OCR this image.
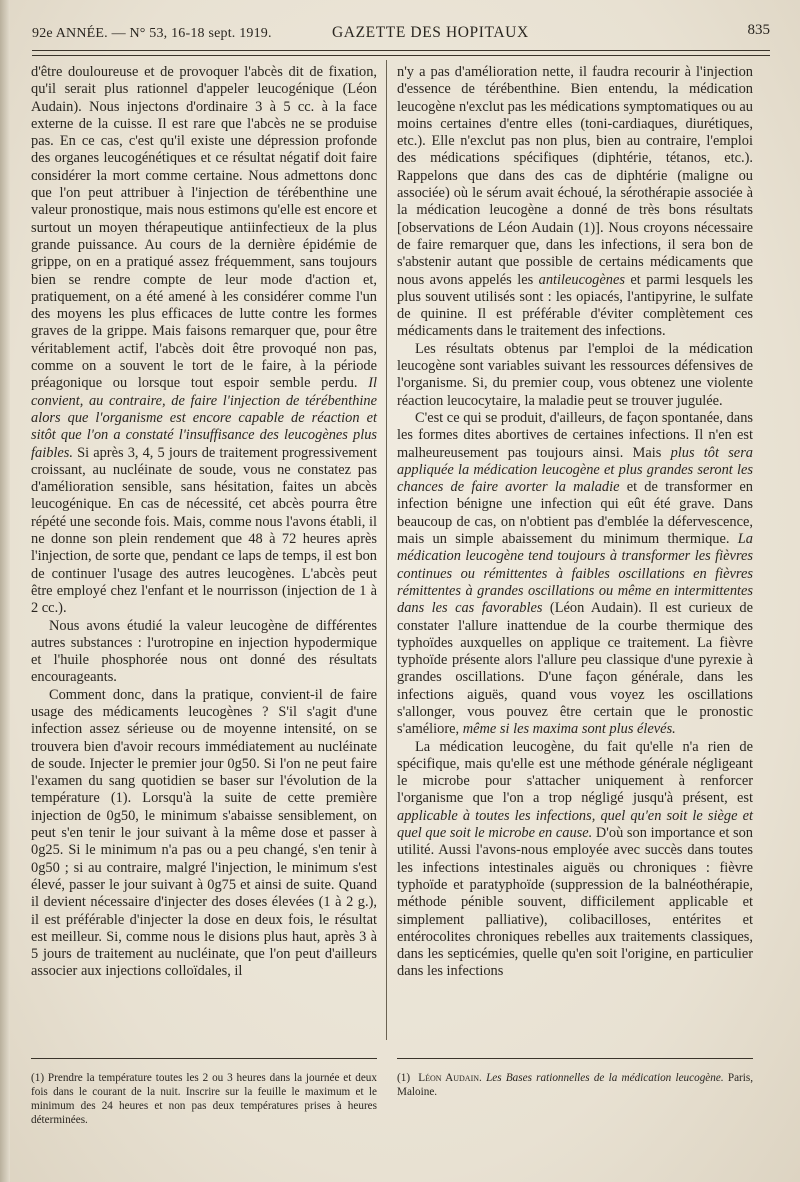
92e ANNÉE. — N° 53, 16-18 sept. 1919.	GAZETTE DES HOPITAUX	835

d'être douloureuse et de provoquer l'abcès dit de fixation, qu'il serait plus rationnel d'appeler leucogénique (Léon Audain). Nous injectons d'ordinaire 3 à 5 cc. à la face externe de la cuisse. Il est rare que l'abcès ne se produise pas. En ce cas, c'est qu'il existe une dépression profonde des organes leucogénétiques et ce résultat négatif doit faire considérer la mort comme certaine. Nous admettons donc que l'on peut attribuer à l'injection de térébenthine une valeur pronostique, mais nous estimons qu'elle est encore et surtout un moyen thérapeutique antiinfectieux de la plus grande puissance. Au cours de la dernière épidémie de grippe, on en a pratiqué assez fréquemment, sans toujours bien se rendre compte de leur mode d'action et, pratiquement, on a été amené à les considérer comme l'un des moyens les plus efficaces de lutte contre les formes graves de la grippe. Mais faisons remarquer que, pour être véritablement actif, l'abcès doit être provoqué non pas, comme on a souvent le tort de le faire, à la période préagonique ou lorsque tout espoir semble perdu. Il convient, au contraire, de faire l'injection de térébenthine alors que l'organisme est encore capable de réaction et sitôt que l'on a constaté l'insuffisance des leucogènes plus faibles. Si après 3, 4, 5 jours de traitement progressivement croissant, au nucléinate de soude, vous ne constatez pas d'amélioration sensible, sans hésitation, faites un abcès leucogénique. En cas de nécessité, cet abcès pourra être répété une seconde fois. Mais, comme nous l'avons établi, il ne donne son plein rendement que 48 à 72 heures après l'injection, de sorte que, pendant ce laps de temps, il est bon de continuer l'usage des autres leucogènes. L'abcès peut être employé chez l'enfant et le nourrisson (injection de 1 à 2 cc.).

Nous avons étudié la valeur leucogène de différentes autres substances : l'urotropine en injection hypodermique et l'huile phosphorée nous ont donné des résultats encourageants.

Comment donc, dans la pratique, convient-il de faire usage des médicaments leucogènes ? S'il s'agit d'une infection assez sérieuse ou de moyenne intensité, on se trouvera bien d'avoir recours immédiatement au nucléinate de soude. Injecter le premier jour 0g50. Si l'on ne peut faire l'examen du sang quotidien se baser sur l'évolution de la température (1). Lorsqu'à la suite de cette première injection de 0g50, le minimum s'abaisse sensiblement, on peut s'en tenir le jour suivant à la même dose et passer à 0g25. Si le minimum n'a pas ou a peu changé, s'en tenir à 0g50 ; si au contraire, malgré l'injection, le minimum s'est élevé, passer le jour suivant à 0g75 et ainsi de suite. Quand il devient nécessaire d'injecter des doses élevées (1 à 2 g.), il est préférable d'injecter la dose en deux fois, le résultat est meilleur. Si, comme nous le disions plus haut, après 3 à 5 jours de traitement au nucléinate, que l'on peut d'ailleurs associer aux injections colloïdales, il

n'y a pas d'amélioration nette, il faudra recourir à l'injection d'essence de térébenthine. Bien entendu, la médication leucogène n'exclut pas les médications symptomatiques ou au moins certaines d'entre elles (toni-cardiaques, diurétiques, etc.). Elle n'exclut pas non plus, bien au contraire, l'emploi des médications spécifiques (diphtérie, tétanos, etc.). Rappelons que dans des cas de diphtérie (maligne ou associée) où le sérum avait échoué, la sérothérapie associée à la médication leucogène a donné de très bons résultats [observations de Léon Audain (1)]. Nous croyons nécessaire de faire remarquer que, dans les infections, il sera bon de s'abstenir autant que possible de certains médicaments que nous avons appelés les antileucogènes et parmi lesquels les plus souvent utilisés sont : les opiacés, l'antipyrine, le sulfate de quinine. Il est préférable d'éviter complètement ces médicaments dans le traitement des infections.

Les résultats obtenus par l'emploi de la médication leucogène sont variables suivant les ressources défensives de l'organisme. Si, du premier coup, vous obtenez une violente réaction leucocytaire, la maladie peut se trouver jugulée.

C'est ce qui se produit, d'ailleurs, de façon spontanée, dans les formes dites abortives de certaines infections. Il n'en est malheureusement pas toujours ainsi. Mais plus tôt sera appliquée la médication leucogène et plus grandes seront les chances de faire avorter la maladie et de transformer en infection bénigne une infection qui eût été grave. Dans beaucoup de cas, on n'obtient pas d'emblée la défervescence, mais un simple abaissement du minimum thermique. La médication leucogène tend toujours à transformer les fièvres continues ou rémittentes à faibles oscillations en fièvres rémittentes à grandes oscillations ou même en intermittentes dans les cas favorables (Léon Audain). Il est curieux de constater l'allure inattendue de la courbe thermique des typhoïdes auxquelles on applique ce traitement. La fièvre typhoïde présente alors l'allure peu classique d'une pyrexie à grandes oscillations. D'une façon générale, dans les infections aiguës, quand vous voyez les oscillations s'allonger, vous pouvez être certain que le pronostic s'améliore, même si les maxima sont plus élevés.

La médication leucogène, du fait qu'elle n'a rien de spécifique, mais qu'elle est une méthode générale négligeant le microbe pour s'attacher uniquement à renforcer l'organisme que l'on a trop négligé jusqu'à présent, est applicable à toutes les infections, quel qu'en soit le siège et quel que soit le microbe en cause. D'où son importance et son utilité. Aussi l'avons-nous employée avec succès dans toutes les infections intestinales aiguës ou chroniques : fièvre typhoïde et paratyphoïde (suppression de la balnéothérapie, méthode pénible souvent, difficilement applicable et simplement palliative), colibacilloses, entérites et entérocolites chroniques rebelles aux traitements classiques, dans les septicémies, quelle qu'en soit l'origine, en particulier dans les infections

(1) Prendre la température toutes les 2 ou 3 heures dans la journée et deux fois dans le courant de la nuit. Inscrire sur la feuille le maximum et le minimum des 24 heures et non pas deux températures prises à heures déterminées.
(1) Léon Audain. Les Bases rationnelles de la médication leucogène. Paris, Maloine.
